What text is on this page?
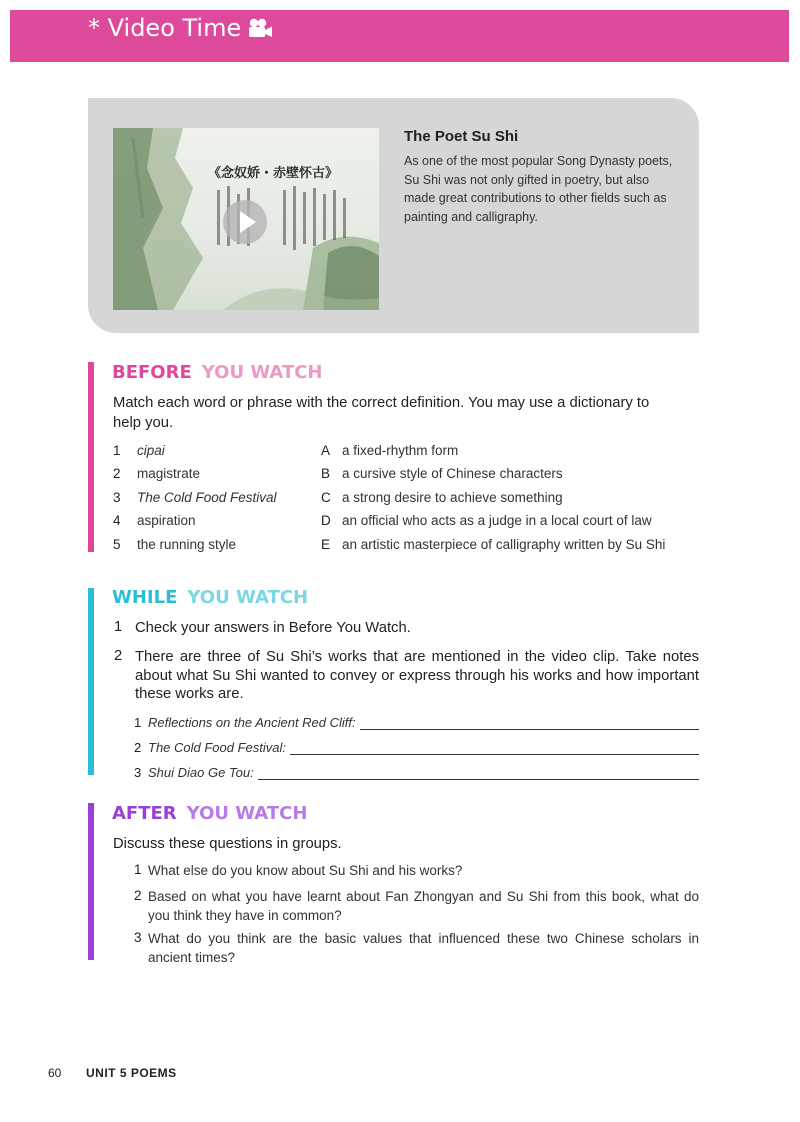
* Video Time
《念奴娇・赤壁怀古》
The Poet Su Shi
As one of the most popular Song Dynasty poets, Su Shi was not only gifted in poetry, but also made great contributions to other fields such as painting and calligraphy.
BEFORE YOU WATCH
Match each word or phrase with the correct definition. You may use a dictionary to help you.
1 cipai	A a fixed-rhythm form
2 magistrate	B a cursive style of Chinese characters
3 The Cold Food Festival	C a strong desire to achieve something
4 aspiration	D an official who acts as a judge in a local court of law
5 the running style	E an artistic masterpiece of calligraphy written by Su Shi
WHILE YOU WATCH
1 Check your answers in Before You Watch.
2 There are three of Su Shi’s works that are mentioned in the video clip. Take notes about what Su Shi wanted to convey or express through his works and how important these works are.
1 Reflections on the Ancient Red Cliff:
2 The Cold Food Festival:
3 Shui Diao Ge Tou:
AFTER YOU WATCH
Discuss these questions in groups.
1 What else do you know about Su Shi and his works?
2 Based on what you have learnt about Fan Zhongyan and Su Shi from this book, what do you think they have in common?
3 What do you think are the basic values that influenced these two Chinese scholars in ancient times?
60 UNIT 5 POEMS
